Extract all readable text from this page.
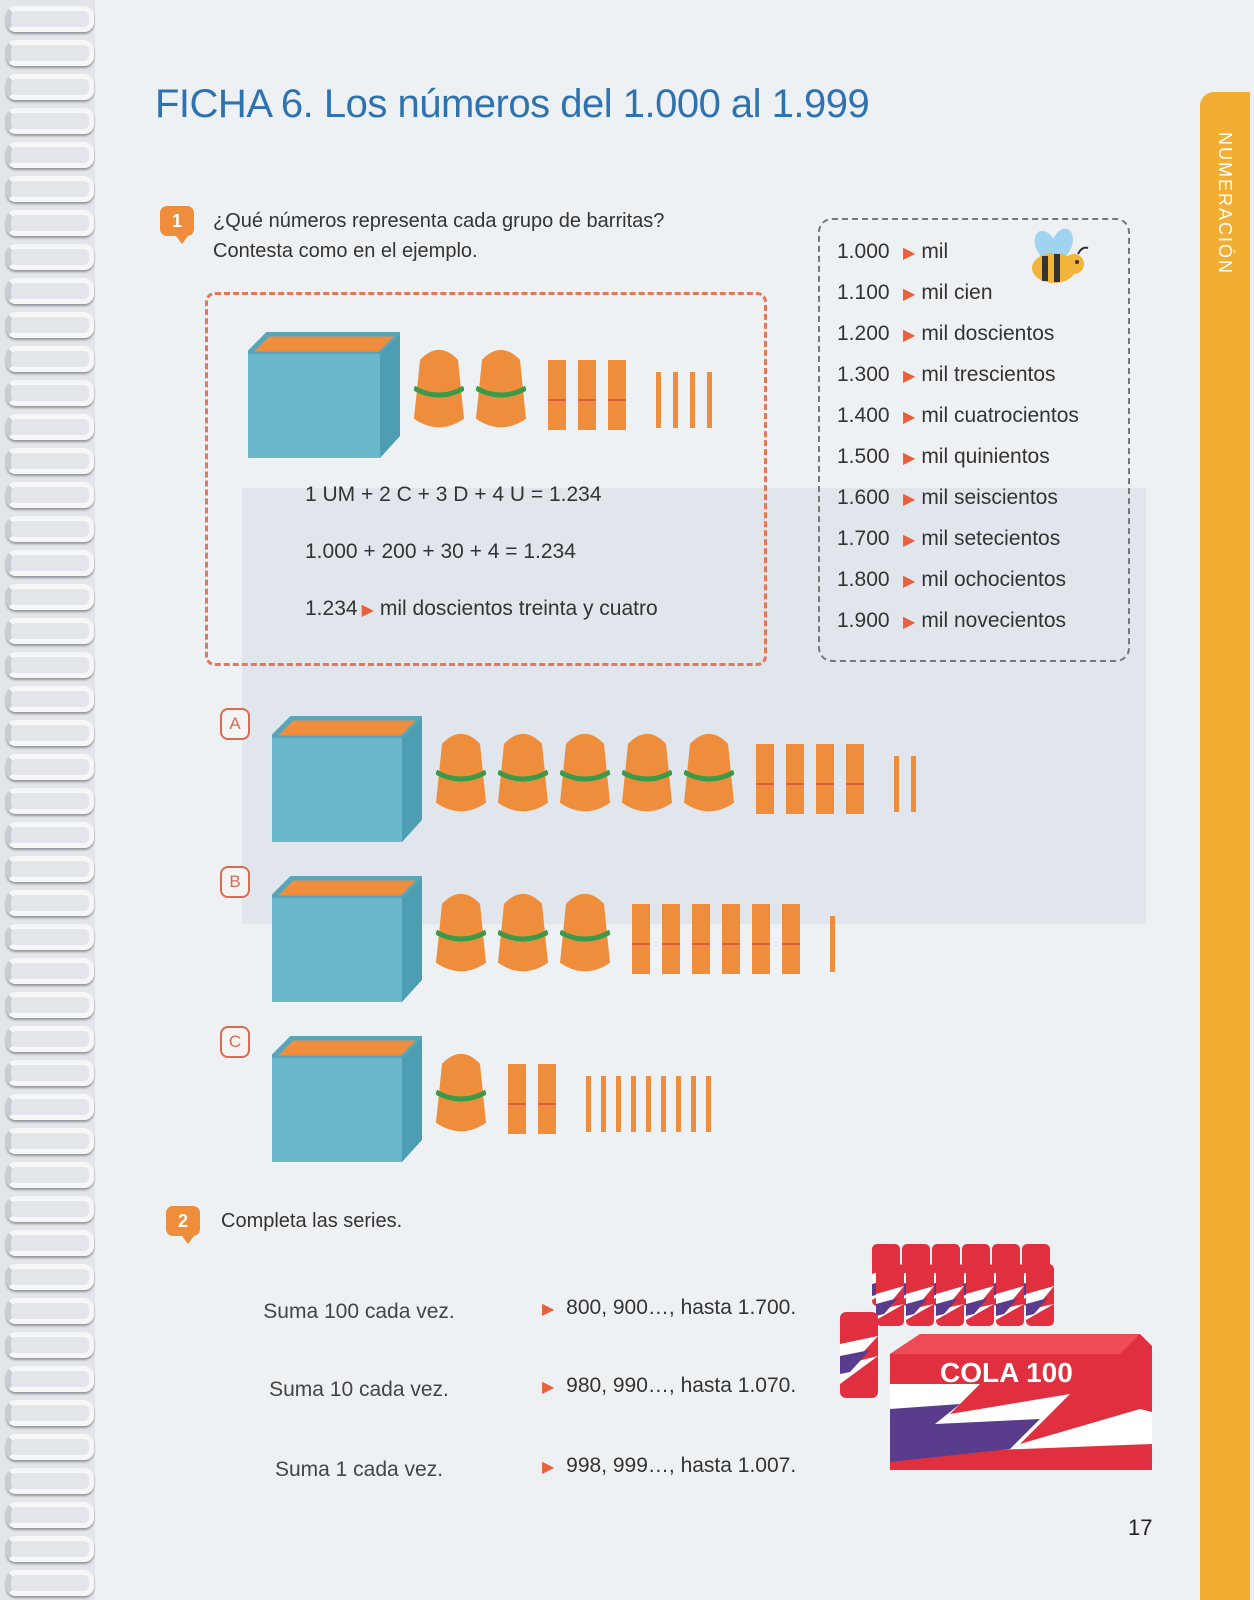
NUMERACIÓN
FICHA 6. Los números del 1.000 al 1.999
1	¿Qué números representa cada grupo de barritas?
Contesta como en el ejemplo.
1 UM + 2 C + 3 D + 4 U = 1.234
1.000 + 200 + 30 + 4 = 1.234
1.234 ▶ mil doscientos treinta y cuatro
1.000 ▶ mil
1.100 ▶ mil cien
1.200 ▶ mil doscientos
1.300 ▶ mil trescientos
1.400 ▶ mil cuatrocientos
1.500 ▶ mil quinientos
1.600 ▶ mil seiscientos
1.700 ▶ mil setecientos
1.800 ▶ mil ochocientos
1.900 ▶ mil novecientos
A
B
C
2	Completa las series.
Suma 100 cada vez.
Suma 10 cada vez.
Suma 1 cada vez.
▶ 800, 900…, hasta 1.700.
▶ 980, 990…, hasta 1.070.
▶ 998, 999…, hasta 1.007.
COLA 100
17
